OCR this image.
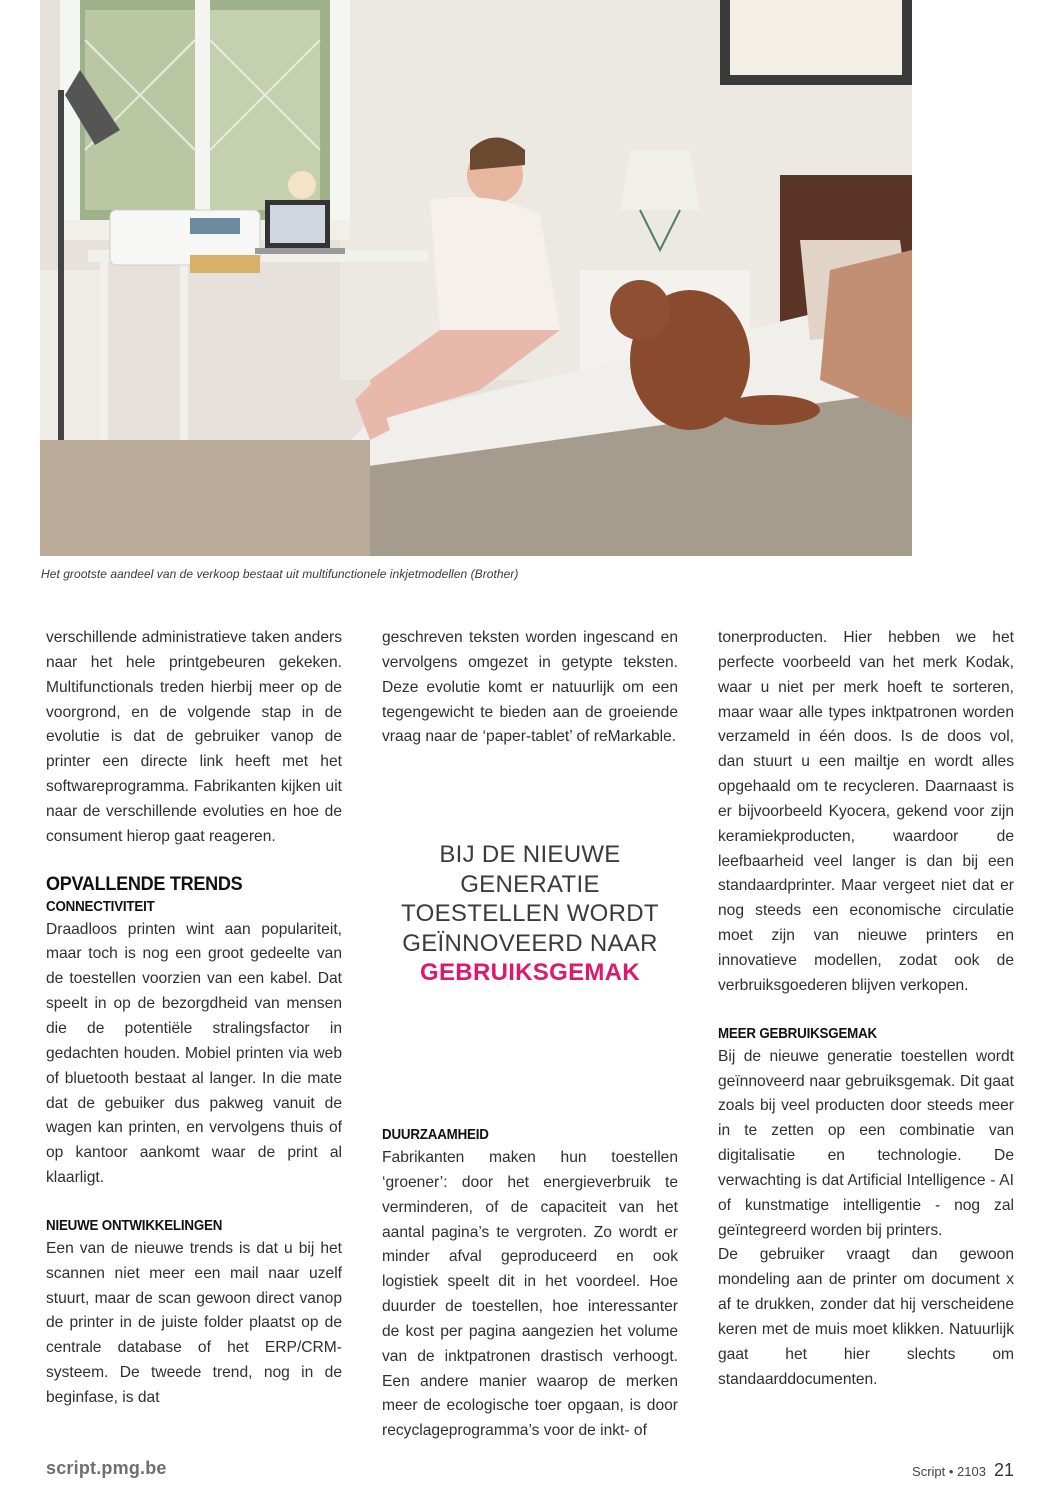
Het grootste aandeel van de verkoop bestaat uit multifunctionele inkjetmodellen (Brother)

verschillende administratieve taken anders naar het hele printgebeuren gekeken. Multifunctionals treden hierbij meer op de voorgrond, en de volgende stap in de evolutie is dat de gebruiker vanop de printer een directe link heeft met het softwareprogramma. Fabrikanten kijken uit naar de verschillende evoluties en hoe de consument hierop gaat reageren.

OPVALLENDE TRENDS

CONNECTIVITEIT

Draadloos printen wint aan populariteit, maar toch is nog een groot gedeelte van de toestellen voorzien van een kabel. Dat speelt in op de bezorgdheid van mensen die de potentiële stralingsfactor in gedachten houden. Mobiel printen via web of bluetooth bestaat al langer. In die mate dat de gebuiker dus pakweg vanuit de wagen kan printen, en vervolgens thuis of op kantoor aankomt waar de print al klaarligt.

NIEUWE ONTWIKKELINGEN

Een van de nieuwe trends is dat u bij het scannen niet meer een mail naar uzelf stuurt, maar de scan gewoon direct vanop de printer in de juiste folder plaatst op de centrale database of het ERP/CRM-systeem. De tweede trend, nog in de beginfase, is dat

geschreven teksten worden ingescand en vervolgens omgezet in getypte teksten. Deze evolutie komt er natuurlijk om een tegengewicht te bieden aan de groeiende vraag naar de ‘paper-tablet’ of reMarkable.

BIJ DE NIEUWE GENERATIE TOESTELLEN WORDT GEÏNNOVEERD NAAR
GEBRUIKSGEMAK

DUURZAAMHEID

Fabrikanten maken hun toestellen ‘groener’: door het energieverbruik te verminderen, of de capaciteit van het aantal pagina’s te vergroten. Zo wordt er minder afval geproduceerd en ook logistiek speelt dit in het voordeel. Hoe duurder de toestellen, hoe interessanter de kost per pagina aangezien het volume van de inktpatronen drastisch verhoogt. Een andere manier waarop de merken meer de ecologische toer opgaan, is door recyclageprogramma’s voor de inkt- of

tonerproducten. Hier hebben we het perfecte voorbeeld van het merk Kodak, waar u niet per merk hoeft te sorteren, maar waar alle types inktpatronen worden verzameld in één doos. Is de doos vol, dan stuurt u een mailtje en wordt alles opgehaald om te recycleren. Daarnaast is er bijvoorbeeld Kyocera, gekend voor zijn keramiekproducten, waardoor de leefbaarheid veel langer is dan bij een standaardprinter. Maar vergeet niet dat er nog steeds een economische circulatie moet zijn van nieuwe printers en innovatieve modellen, zodat ook de verbruiksgoederen blijven verkopen.

MEER GEBRUIKSGEMAK

Bij de nieuwe generatie toestellen wordt geïnnoveerd naar gebruiksgemak. Dit gaat zoals bij veel producten door steeds meer in te zetten op een combinatie van digitalisatie en technologie. De verwachting is dat Artificial Intelligence - AI of kunstmatige intelligentie - nog zal geïntegreerd worden bij printers.

De gebruiker vraagt dan gewoon mondeling aan de printer om document x af te drukken, zonder dat hij verscheidene keren met de muis moet klikken. Natuurlijk gaat het hier slechts om standaarddocumenten.

script.pmg.be	Script • 2103 21
